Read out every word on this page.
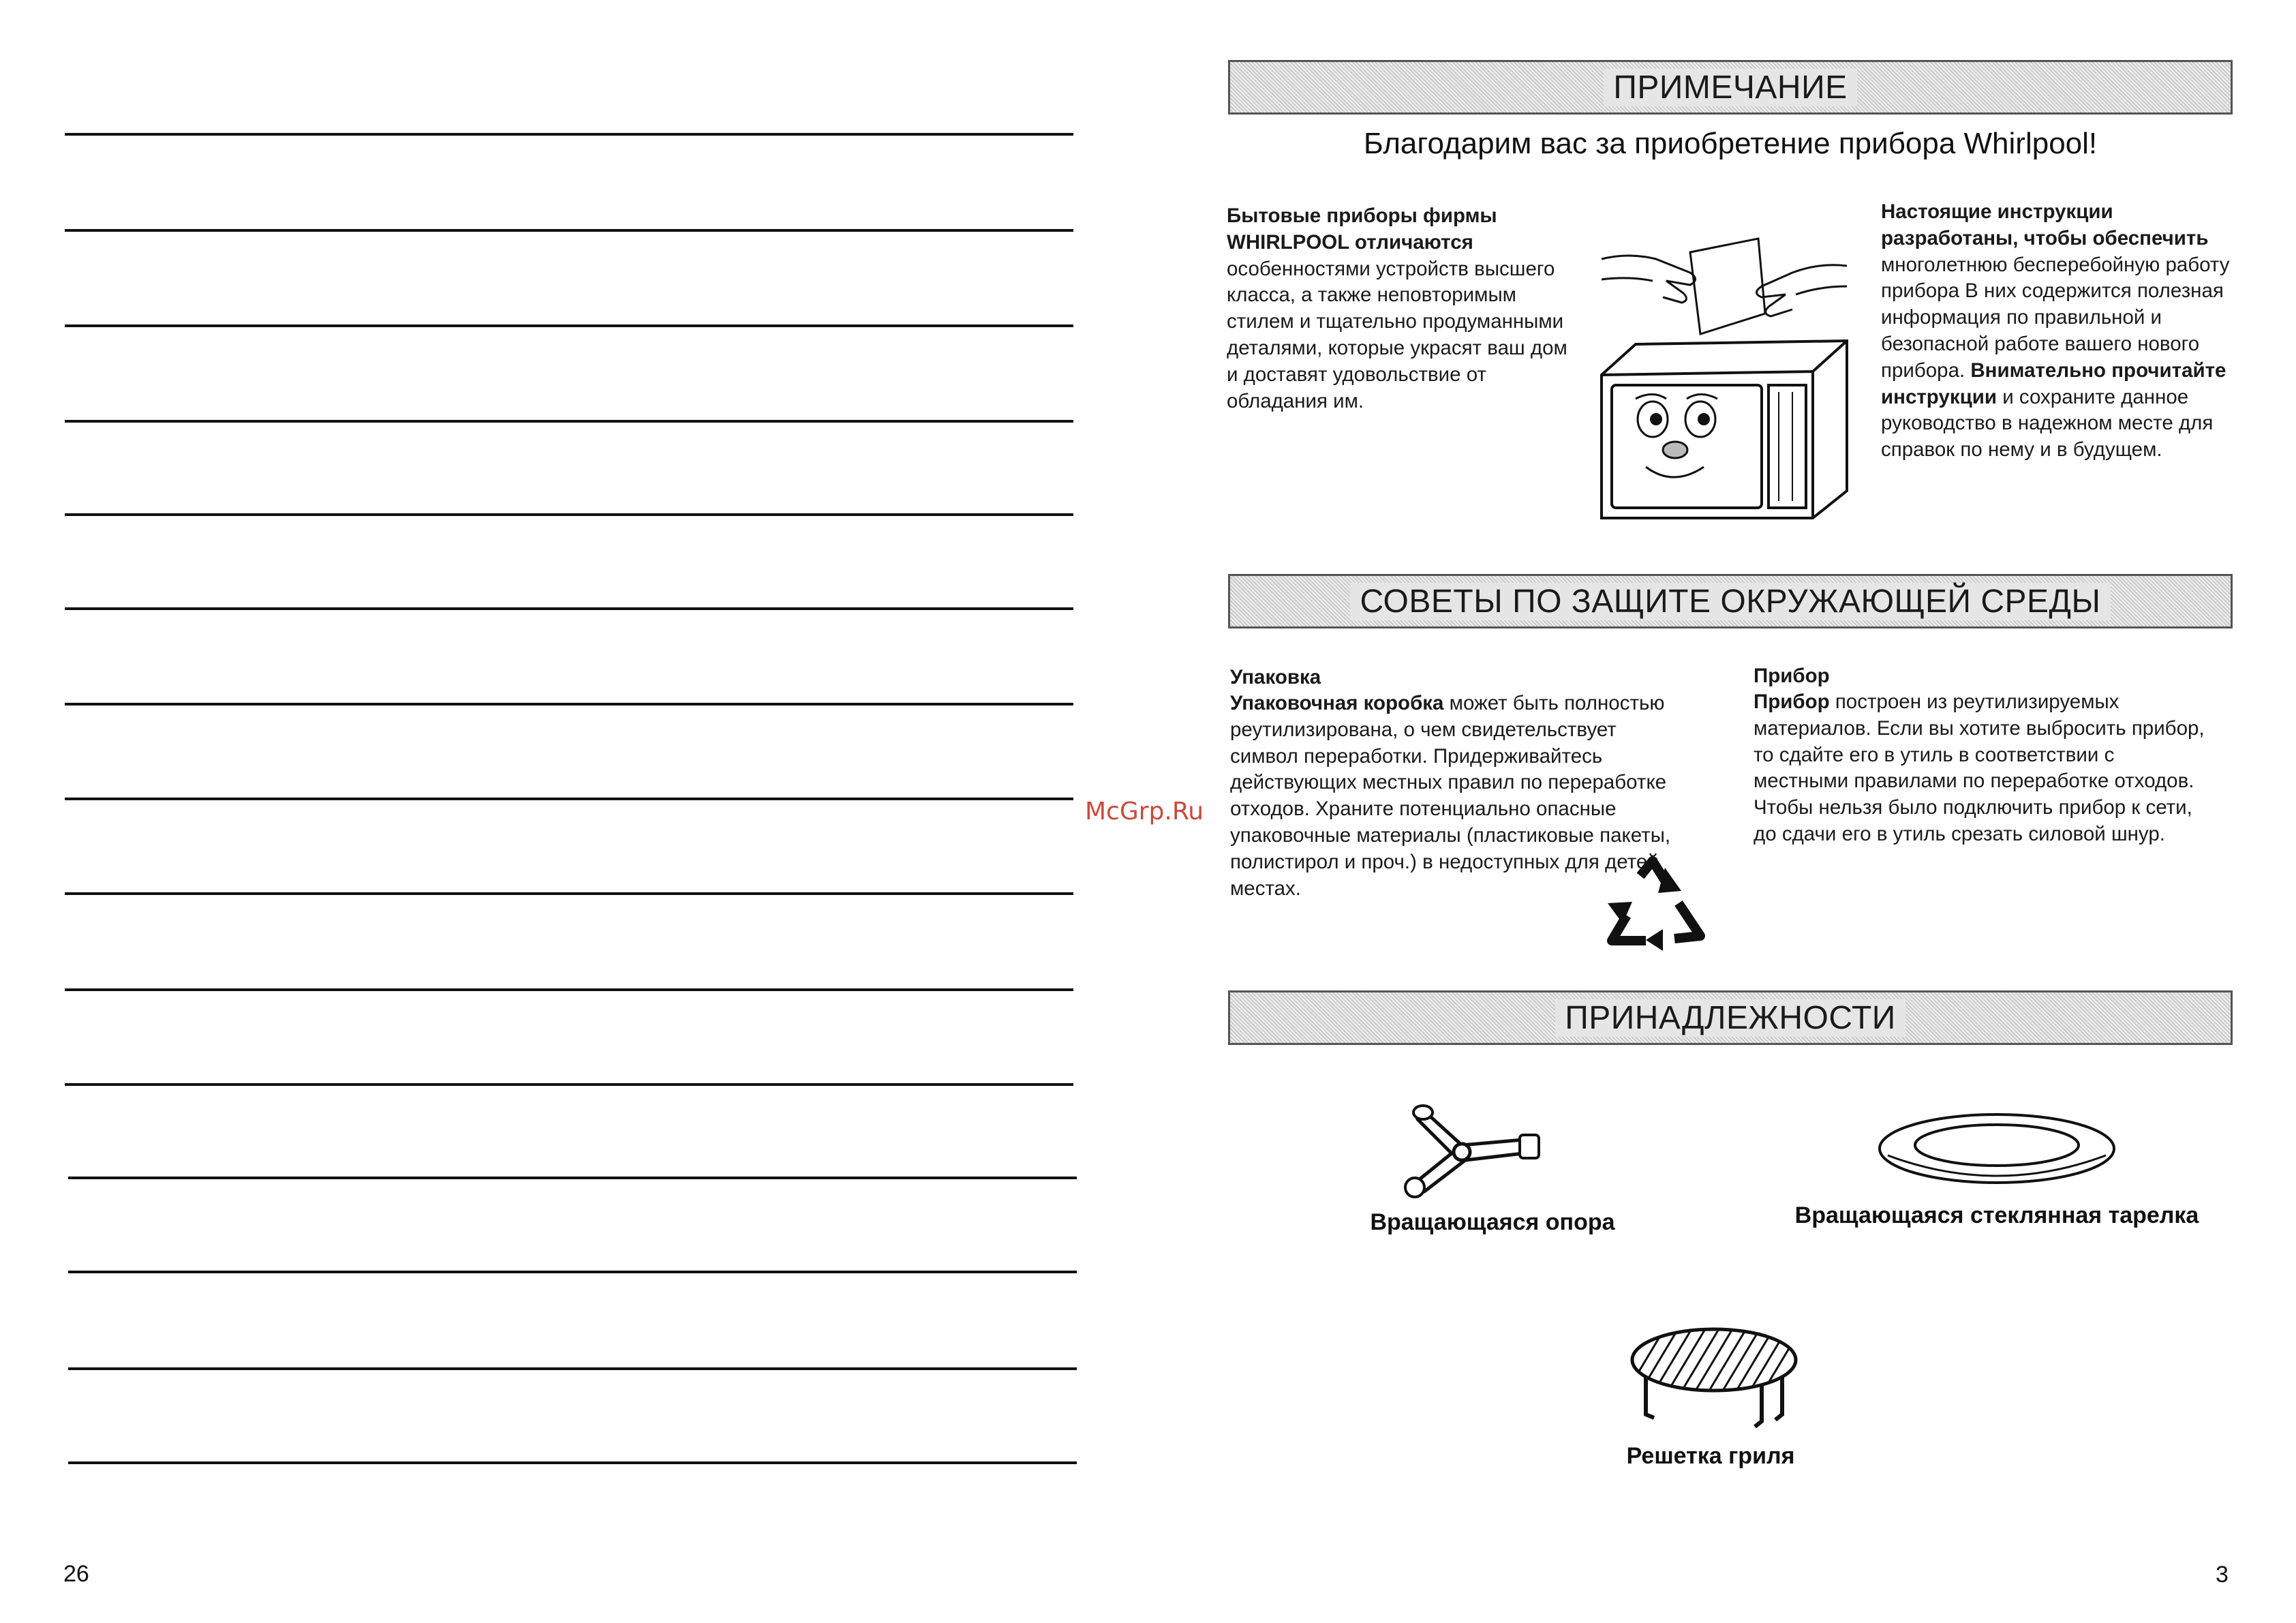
26
McGrp.Ru
ПРИМЕЧАНИЕ
Благодарим вас за приобретение прибора Whirlpool!
Бытовые приборы фирмы WHIRLPOOL отличаются особенностями устройств высшего класса, а также неповторимым стилем и тщательно продуманными деталями, которые украсят ваш дом и доставят удовольствие от обладания им.
Настоящие инструкции разработаны, чтобы обеспечить многолетнюю бесперебойную работу прибора В них содержится полезная информация по правильной и безопасной работе вашего нового прибора. Внимательно прочитайте инструкции и сохраните данное руководство в надежном месте для справок по нему и в будущем.
СОВЕТЫ ПО ЗАЩИТЕ ОКРУЖАЮЩЕЙ СРЕДЫ
Упаковка
Упаковочная коробка может быть полностью реутилизирована, о чем свидетельствует символ переработки. Придерживайтесь действующих местных правил по переработке отходов. Храните потенциально опасные упаковочные материалы (пластиковые пакеты, полистирол и проч.) в недоступных для детей местах.
Прибор
Прибор построен из реутилизируемых материалов. Если вы хотите выбросить прибор, то сдайте его в утиль в соответствии с местными правилами по переработке отходов. Чтобы нельзя было подключить прибор к сети, до сдачи его в утиль срезать силовой шнур.
ПРИНАДЛЕЖНОСТИ
Вращающаяся опора	Вращающаяся стеклянная тарелка
Решетка гриля
3
